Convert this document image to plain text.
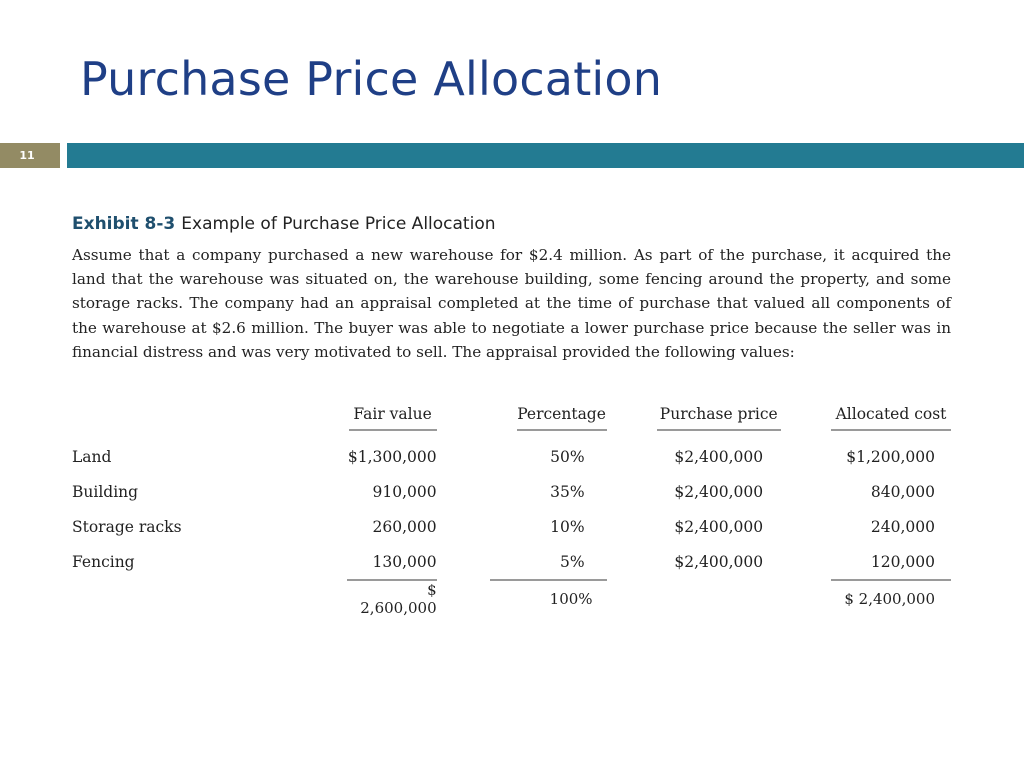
Purchase Price Allocation
11
Exhibit 8-3 Example of Purchase Price Allocation
Assume that a company purchased a new warehouse for $2.4 million. As part of the purchase, it acquired the land that the warehouse was situated on, the warehouse building, some fencing around the property, and some storage racks. The company had an appraisal completed at the time of purchase that valued all components of the warehouse at $2.6 million. The buyer was able to negotiate a lower purchase price because the seller was in financial distress and was very motivated to sell. The appraisal provided the following values:
	Fair value		Percentage		Purchase price		Allocated cost
Land	$1,300,000		50%		$2,400,000		$1,200,000
Building	910,000		35%		$2,400,000		840,000
Storage racks	260,000		10%		$2,400,000		240,000
Fencing	130,000		5%		$2,400,000		120,000
	$ 2,600,000		100%				$ 2,400,000
